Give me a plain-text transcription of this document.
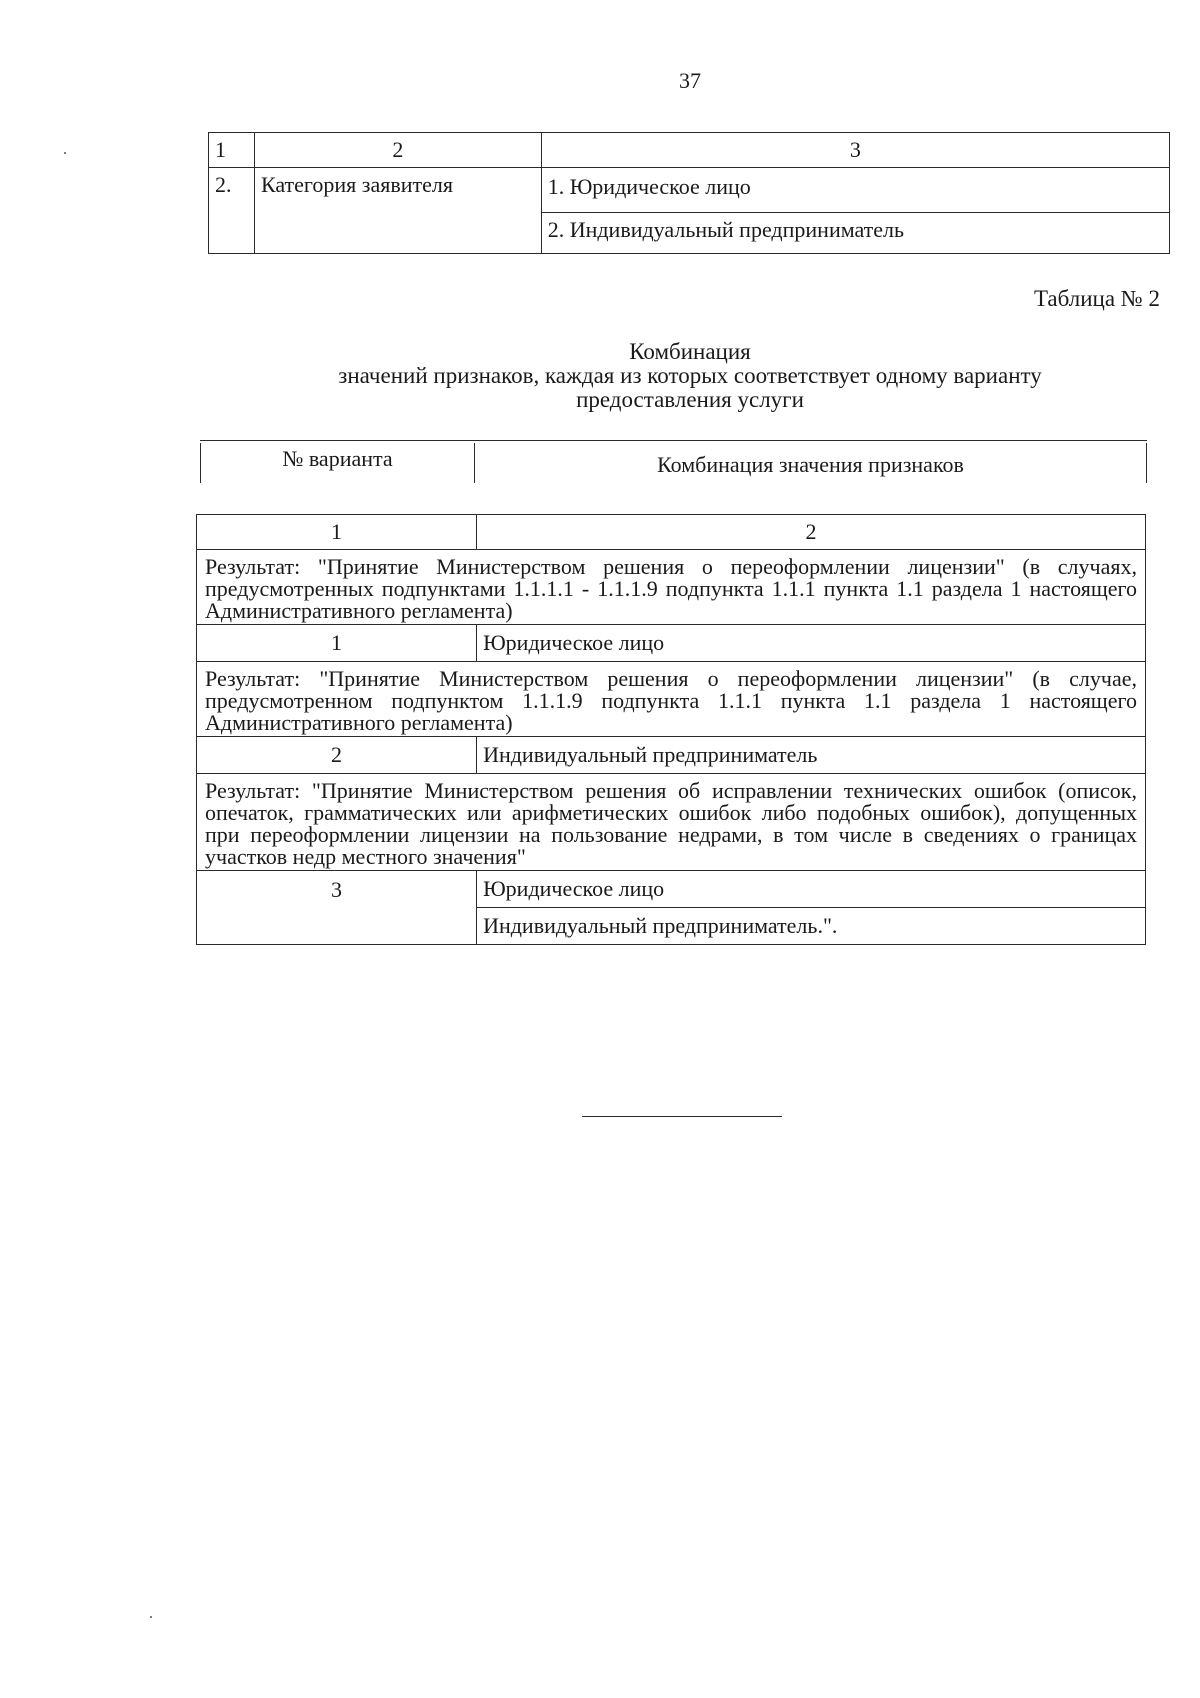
37
1	2	3
2.	Категория заявителя	1. Юридическое лицо
		2. Индивидуальный предприниматель
Таблица № 2
Комбинация
значений признаков, каждая из которых соответствует одному варианту
предоставления услуги
№ варианта	Комбинация значения признаков
1	2
Результат: "Принятие Министерством решения о переоформлении лицензии" (в случаях, предусмотренных подпунктами 1.1.1.1 - 1.1.1.9 подпункта 1.1.1 пункта 1.1 раздела 1 настоящего Административного регламента)	
1	Юридическое лицо
Результат: "Принятие Министерством решения о переоформлении лицензии" (в случае, предусмотренном подпунктом 1.1.1.9 подпункта 1.1.1 пункта 1.1 раздела 1 настоящего Административного регламента)	
2	Индивидуальный предприниматель
Результат: "Принятие Министерством решения об исправлении технических ошибок (описок, опечаток, грамматических или арифметических ошибок либо подобных ошибок), допущенных при переоформлении лицензии на пользование недрами, в том числе в сведениях о границах участков недр местного значения"	
3	Юридическое лицо
	Индивидуальный предприниматель.".
